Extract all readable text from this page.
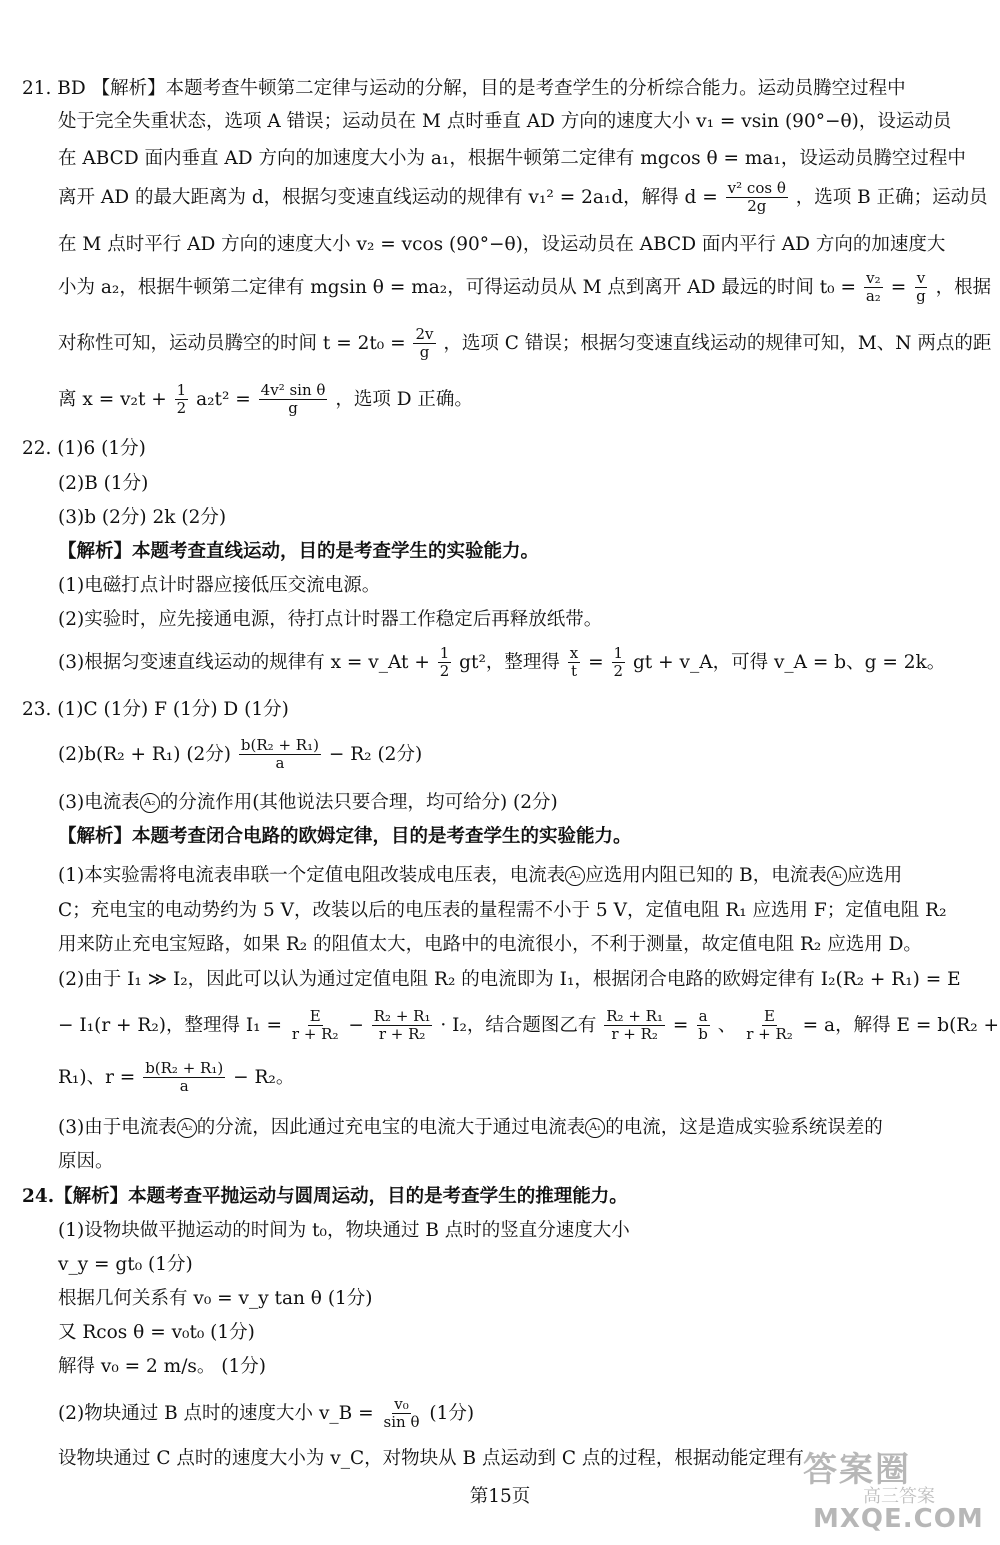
21. BD 【解析】本题考查牛顿第二定律与运动的分解，目的是考查学生的分析综合能力。运动员腾空过程中
处于完全失重状态，选项 A 错误；运动员在 M 点时垂直 AD 方向的速度大小 v₁ = vsin (90°−θ)，设运动员
在 ABCD 面内垂直 AD 方向的加速度大小为 a₁，根据牛顿第二定律有 mgcos θ = ma₁，设运动员腾空过程中
离开 AD 的最大距离为 d，根据匀变速直线运动的规律有 v₁² = 2a₁d，解得 $d = \frac{\text{v² cos θ}}{2g}$ ，选项 B 正确；运动员
在 M 点时平行 AD 方向的速度大小 v₂ = vcos (90°−θ)，设运动员在 ABCD 面内平行 AD 方向的加速度大
小为 a₂，根据牛顿第二定律有 mgsin θ = ma₂，可得运动员从 M 点到离开 AD 最远的时间 $t_0 = \frac{\text{v₂}}{\text{a₂}} = \frac{v}{g}$ ，根据
对称性可知，运动员腾空的时间 $t = 2t_0 = \frac{2v}{g}$ ，选项 C 错误；根据匀变速直线运动的规律可知，M、N 两点的距
离 $x = v_2t + \frac{1}{2} a_2t^2 = \frac{\text{4v² sin θ}}{g}$ ，选项 D 正确。
22. (1)6 (1分)
(2)B (1分)
(3)b (2分) 2k (2分)
【解析】本题考查直线运动，目的是考查学生的实验能力。
(1)电磁打点计时器应接低压交流电源。
(2)实验时，应先接通电源，待打点计时器工作稳定后再释放纸带。
(3)根据匀变速直线运动的规律有 x = v_At + $\frac{1}{2} gt^2$，整理得 $\frac{x}{t} = \frac{1}{2}$ gt + v_A，可得 v_A = b、g = 2k。
23. (1)C (1分) F (1分) D (1分)
(2)b(R₂ + R₁) (2分) $\frac{\text{b(R₂ + R₁)}}{a} - R_2$ (2分)
(3)电流表 A₂ 的分流作用(其他说法只要合理，均可给分) (2分)
【解析】本题考查闭合电路的欧姆定律，目的是考查学生的实验能力。
(1)本实验需将电流表串联一个定值电阻改装成电压表，电流表 A₂ 应选用内阻已知的 B，电流表 A₁ 应选用
C；充电宝的电动势约为 5 V，改装以后的电压表的量程需不小于 5 V，定值电阻 R₁ 应选用 F；定值电阻 R₂
用来防止充电宝短路，如果 R₂ 的阻值太大，电路中的电流很小，不利于测量，故定值电阻 R₂ 应选用 D。
(2)由于 I₁ ≫ I₂，因此可以认为通过定值电阻 R₂ 的电流即为 I₁，根据闭合电路的欧姆定律有 I₂(R₂ + R₁) = E
− I₁(r + R₂)，整理得 $I_1 = \frac{E}{\text{r + R₂}} - \frac{\text{R₂ + R₁}}{\text{r + R₂}} \cdot I_2$，结合题图乙有 $\frac{\text{R₂ + R₁}}{\text{r + R₂}} = \frac{a}{b}$ 、 $\frac{E}{\text{r + R₂}} = a$，解得 E = b(R₂ +
R₁)、$r = \frac{\text{b(R₂ + R₁)}}{a} - R_2$。
(3)由于电流表 A₂ 的分流，因此通过充电宝的电流大于通过电流表 A₁ 的电流，这是造成实验系统误差的
原因。
24.【解析】本题考查平抛运动与圆周运动，目的是考查学生的推理能力。
(1)设物块做平抛运动的时间为 t₀，物块通过 B 点时的竖直分速度大小
v_y = gt₀ (1分)
根据几何关系有 v₀ = v_y tan θ (1分)
又 Rcos θ = v₀t₀ (1分)
解得 v₀ = 2 m/s。 (1分)
(2)物块通过 B 点时的速度大小 v_B = $\frac{\text{v₀}}{\text{sin θ}} (1$分)
设物块通过 C 点时的速度大小为 v_C，对物块从 B 点运动到 C 点的过程，根据动能定理有
第15页
答案圈
高三答案
MXQE.COM
